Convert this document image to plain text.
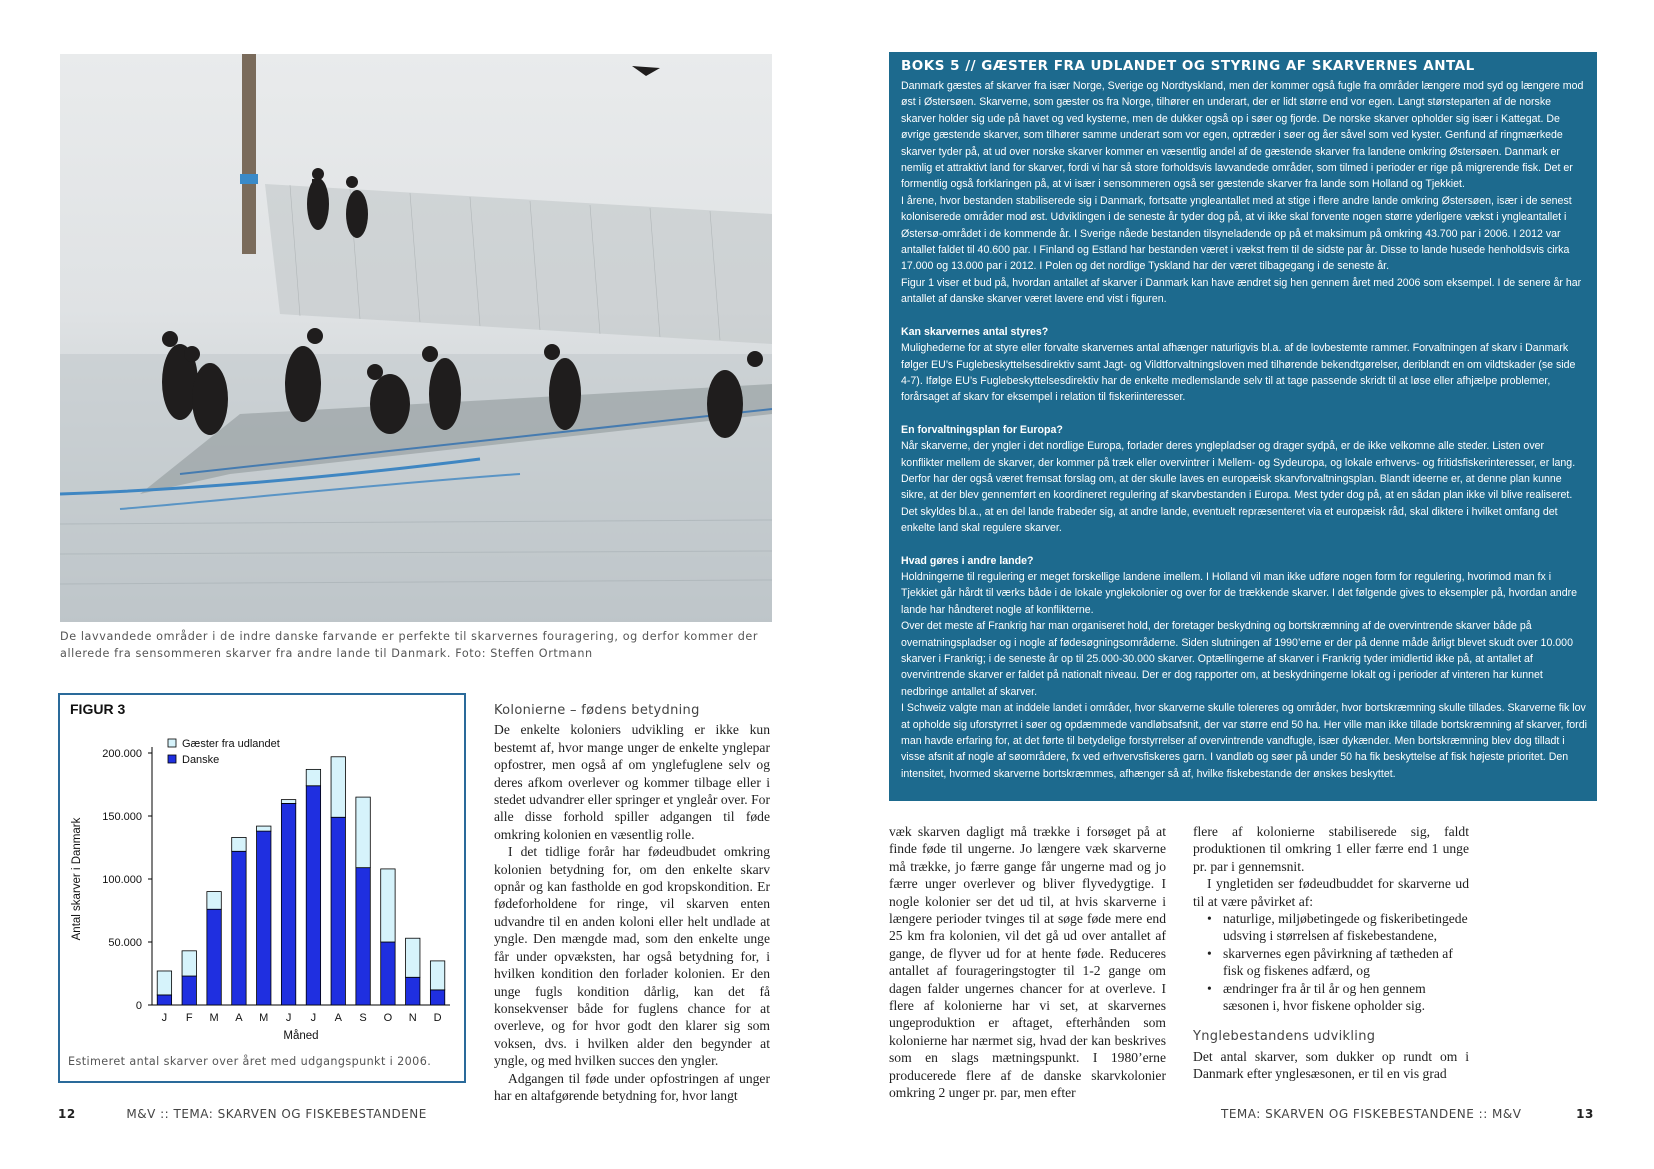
De lavvandede områder i de indre danske farvande er perfekte til skarvernes fouragering, og derfor kommer der allerede fra sensommeren skarver fra andre lande til Danmark. Foto: Steffen Ortmann
FIGUR 3
0
50.000
100.000
150.000
200.000
J F M A M J J A S O N D
Måned
Antal skarver i Danmark
Gæster fra udlandet
Danske
Estimeret antal skarver over året med udgangspunkt i 2006.
Kolonierne – fødens betydning

De enkelte koloniers udvikling er ikke kun bestemt af, hvor mange unger de enkelte ynglepar opfostrer, men også af om ynglefuglene selv og deres afkom overlever og kommer tilbage eller i stedet udvandrer eller springer et yngleår over. For alle disse forhold spiller adgangen til føde omkring kolonien en væsentlig rolle.

I det tidlige forår har fødeudbudet omkring kolonien betydning for, om den enkelte skarv opnår og kan fastholde en god kropskondition. Er fødeforholdene for ringe, vil skarven enten udvandre til en anden koloni eller helt undlade at yngle. Den mængde mad, som den enkelte unge får under opvæksten, har også betydning for, i hvilken kondition den forlader kolonien. Er den unge fugls kondition dårlig, kan det få konsekvenser både for fuglens chance for at overleve, og for hvor godt den klarer sig som voksen, dvs. i hvilken alder den begynder at yngle, og med hvilken succes den yngler.

Adgangen til føde under opfostringen af unger har en altafgørende betydning for, hvor langt

BOKS 5 // GÆSTER FRA UDLANDET OG STYRING AF SKARVERNES ANTAL

Danmark gæstes af skarver fra især Norge, Sverige og Nordtyskland, men der kommer også fugle fra områder længere mod syd og længere mod øst i Østersøen. Skarverne, som gæster os fra Norge, tilhører en underart, der er lidt større end vor egen. Langt størsteparten af de norske skarver holder sig ude på havet og ved kysterne, men de dukker også op i søer og fjorde. De norske skarver opholder sig især i Kattegat. De øvrige gæstende skarver, som tilhører samme underart som vor egen, optræder i søer og åer såvel som ved kyster. Genfund af ringmærkede skarver tyder på, at ud over norske skarver kommer en væsentlig andel af de gæstende skarver fra landene omkring Østersøen. Danmark er nemlig et attraktivt land for skarver, fordi vi har så store forholdsvis lavvandede områder, som tilmed i perioder er rige på migrerende fisk. Det er formentlig også forklaringen på, at vi især i sensommeren også ser gæstende skarver fra lande som Holland og Tjekkiet.

I årene, hvor bestanden stabiliserede sig i Danmark, fortsatte yngleantallet med at stige i flere andre lande omkring Østersøen, især i de senest koloniserede områder mod øst. Udviklingen i de seneste år tyder dog på, at vi ikke skal forvente nogen større yderligere vækst i yngleantallet i Østersø-området i de kommende år. I Sverige nåede bestanden tilsyneladende op på et maksimum på omkring 43.700 par i 2006. I 2012 var antallet faldet til 40.600 par. I Finland og Estland har bestanden været i vækst frem til de sidste par år. Disse to lande husede henholdsvis cirka 17.000 og 13.000 par i 2012. I Polen og det nordlige Tyskland har der været tilbagegang i de seneste år.

Figur 1 viser et bud på, hvordan antallet af skarver i Danmark kan have ændret sig hen gennem året med 2006 som eksempel. I de senere år har antallet af danske skarver været lavere end vist i figuren.

Kan skarvernes antal styres?

Mulighederne for at styre eller forvalte skarvernes antal afhænger naturligvis bl.a. af de lovbestemte rammer. Forvaltningen af skarv i Danmark følger EU’s Fuglebeskyttelsesdirektiv samt Jagt- og Vildtforvaltningsloven med tilhørende bekendtgørelser, deriblandt en om vildtskader (se side 4-7). Ifølge EU’s Fuglebeskyttelsesdirektiv har de enkelte medlemslande selv til at tage passende skridt til at løse eller afhjælpe problemer, forårsaget af skarv for eksempel i relation til fiskeriinteresser.

En forvaltningsplan for Europa?

Når skarverne, der yngler i det nordlige Europa, forlader deres ynglepladser og drager sydpå, er de ikke velkomne alle steder. Listen over konflikter mellem de skarver, der kommer på træk eller overvintrer i Mellem- og Sydeuropa, og lokale erhvervs- og fritidsfiskerinteresser, er lang. Derfor har der også været fremsat forslag om, at der skulle laves en europæisk skarvforvaltningsplan. Blandt ideerne er, at denne plan kunne sikre, at der blev gennemført en koordineret regulering af skarvbestanden i Europa. Mest tyder dog på, at en sådan plan ikke vil blive realiseret. Det skyldes bl.a., at en del lande frabeder sig, at andre lande, eventuelt repræsenteret via et europæisk råd, skal diktere i hvilket omfang det enkelte land skal regulere skarver.

Hvad gøres i andre lande?

Holdningerne til regulering er meget forskellige landene imellem. I Holland vil man ikke udføre nogen form for regulering, hvorimod man fx i Tjekkiet går hårdt til værks både i de lokale ynglekolonier og over for de trækkende skarver. I det følgende gives to eksempler på, hvordan andre lande har håndteret nogle af konflikterne.

Over det meste af Frankrig har man organiseret hold, der foretager beskydning og bortskræmning af de overvintrende skarver både på overnatningspladser og i nogle af fødesøgningsområderne. Siden slutningen af 1990’erne er der på denne måde årligt blevet skudt over 10.000 skarver i Frankrig; i de seneste år op til 25.000-30.000 skarver. Optællingerne af skarver i Frankrig tyder imidlertid ikke på, at antallet af overvintrende skarver er faldet på nationalt niveau. Der er dog rapporter om, at beskydningerne lokalt og i perioder af vinteren har kunnet nedbringe antallet af skarver.

I Schweiz valgte man at inddele landet i områder, hvor skarverne skulle tolereres og områder, hvor bortskræmning skulle tillades. Skarverne fik lov at opholde sig uforstyrret i søer og opdæmmede vandløbsafsnit, der var større end 50 ha. Her ville man ikke tillade bortskræmning af skarver, fordi man havde erfaring for, at det førte til betydelige forstyrrelser af overvintrende vandfugle, især dykænder. Men bortskræmning blev dog tilladt i visse afsnit af nogle af søområdere, fx ved erhvervsfiskeres garn. I vandløb og søer på under 50 ha fik beskyttelse af fisk højeste prioritet. Den intensitet, hvormed skarverne bortskræmmes, afhænger så af, hvilke fiskebestande der ønskes beskyttet.

væk skarven dagligt må trække i forsøget på at finde føde til ungerne. Jo længere væk skarverne må trække, jo færre gange får ungerne mad og jo færre unger overlever og bliver flyvedygtige. I nogle kolonier ser det ud til, at hvis skarverne i længere perioder tvinges til at søge føde mere end 25 km fra kolonien, vil det gå ud over antallet af gange, de flyver ud for at hente føde. Reduceres antallet af fourageringstogter til 1-2 gange om dagen falder ungernes chancer for at overleve. I flere af kolonierne har vi set, at skarvernes ungeproduktion er aftaget, efterhånden som kolonierne har nærmet sig, hvad der kan beskrives som en slags mætningspunkt. I 1980’erne producerede flere af de danske skarvkolonier omkring 2 unger pr. par, men efter

flere af kolonierne stabiliserede sig, faldt produktionen til omkring 1 eller færre end 1 unge pr. par i gennemsnit.

I yngletiden ser fødeudbuddet for skarverne ud til at være påvirket af:

• naturlige, miljøbetingede og fiskeribetingede udsving i størrelsen af fiskebestandene,
• skarvernes egen påvirkning af tætheden af fisk og fiskenes adfærd, og
• ændringer fra år til år og hen gennem sæsonen i, hvor fiskene opholder sig.
Ynglebestandens udvikling

Det antal skarver, som dukker op rundt om i Danmark efter ynglesæsonen, er til en vis grad

12	M&V :: TEMA: SKARVEN OG FISKEBESTANDENE	TEMA: SKARVEN OG FISKEBESTANDENE :: M&V	13
